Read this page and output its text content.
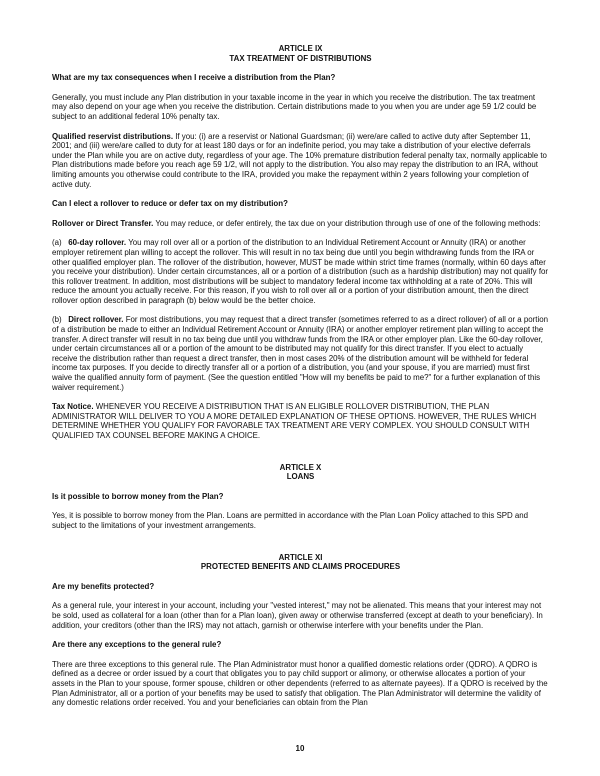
ARTICLE IX
TAX TREATMENT OF DISTRIBUTIONS

What are my tax consequences when I receive a distribution from the Plan?

Generally, you must include any Plan distribution in your taxable income in the year in which you receive the distribution. The tax treatment may also depend on your age when you receive the distribution. Certain distributions made to you when you are under age 59 1/2 could be subject to an additional federal 10% penalty tax.

Qualified reservist distributions. If you: (i) are a reservist or National Guardsman; (ii) were/are called to active duty after September 11, 2001; and (iii) were/are called to duty for at least 180 days or for an indefinite period, you may take a distribution of your elective deferrals under the Plan while you are on active duty, regardless of your age. The 10% premature distribution federal penalty tax, normally applicable to Plan distributions made before you reach age 59 1/2, will not apply to the distribution. You also may repay the distribution to an IRA, without limiting amounts you otherwise could contribute to the IRA, provided you make the repayment within 2 years following your completion of active duty.

Can I elect a rollover to reduce or defer tax on my distribution?

Rollover or Direct Transfer. You may reduce, or defer entirely, the tax due on your distribution through use of one of the following methods:

(a) 60-day rollover. You may roll over all or a portion of the distribution to an Individual Retirement Account or Annuity (IRA) or another employer retirement plan willing to accept the rollover. This will result in no tax being due until you begin withdrawing funds from the IRA or other qualified employer plan. The rollover of the distribution, however, MUST be made within strict time frames (normally, within 60 days after you receive your distribution). Under certain circumstances, all or a portion of a distribution (such as a hardship distribution) may not qualify for this rollover treatment. In addition, most distributions will be subject to mandatory federal income tax withholding at a rate of 20%. This will reduce the amount you actually receive. For this reason, if you wish to roll over all or a portion of your distribution amount, then the direct rollover option described in paragraph (b) below would be the better choice.

(b) Direct rollover. For most distributions, you may request that a direct transfer (sometimes referred to as a direct rollover) of all or a portion of a distribution be made to either an Individual Retirement Account or Annuity (IRA) or another employer retirement plan willing to accept the transfer. A direct transfer will result in no tax being due until you withdraw funds from the IRA or other employer plan. Like the 60-day rollover, under certain circumstances all or a portion of the amount to be distributed may not qualify for this direct transfer. If you elect to actually receive the distribution rather than request a direct transfer, then in most cases 20% of the distribution amount will be withheld for federal income tax purposes. If you decide to directly transfer all or a portion of a distribution, you (and your spouse, if you are married) must first waive the qualified annuity form of payment. (See the question entitled "How will my benefits be paid to me?" for a further explanation of this waiver requirement.)

Tax Notice. WHENEVER YOU RECEIVE A DISTRIBUTION THAT IS AN ELIGIBLE ROLLOVER DISTRIBUTION, THE PLAN ADMINISTRATOR WILL DELIVER TO YOU A MORE DETAILED EXPLANATION OF THESE OPTIONS. HOWEVER, THE RULES WHICH DETERMINE WHETHER YOU QUALIFY FOR FAVORABLE TAX TREATMENT ARE VERY COMPLEX. YOU SHOULD CONSULT WITH QUALIFIED TAX COUNSEL BEFORE MAKING A CHOICE.

ARTICLE X
LOANS

Is it possible to borrow money from the Plan?

Yes, it is possible to borrow money from the Plan. Loans are permitted in accordance with the Plan Loan Policy attached to this SPD and subject to the limitations of your investment arrangements.

ARTICLE XI
PROTECTED BENEFITS AND CLAIMS PROCEDURES

Are my benefits protected?

As a general rule, your interest in your account, including your "vested interest," may not be alienated. This means that your interest may not be sold, used as collateral for a loan (other than for a Plan loan), given away or otherwise transferred (except at death to your beneficiary). In addition, your creditors (other than the IRS) may not attach, garnish or otherwise interfere with your benefits under the Plan.

Are there any exceptions to the general rule?

There are three exceptions to this general rule. The Plan Administrator must honor a qualified domestic relations order (QDRO). A QDRO is defined as a decree or order issued by a court that obligates you to pay child support or alimony, or otherwise allocates a portion of your assets in the Plan to your spouse, former spouse, children or other dependents (referred to as alternate payees). If a QDRO is received by the Plan Administrator, all or a portion of your benefits may be used to satisfy that obligation. The Plan Administrator will determine the validity of any domestic relations order received. You and your beneficiaries can obtain from the Plan

10
